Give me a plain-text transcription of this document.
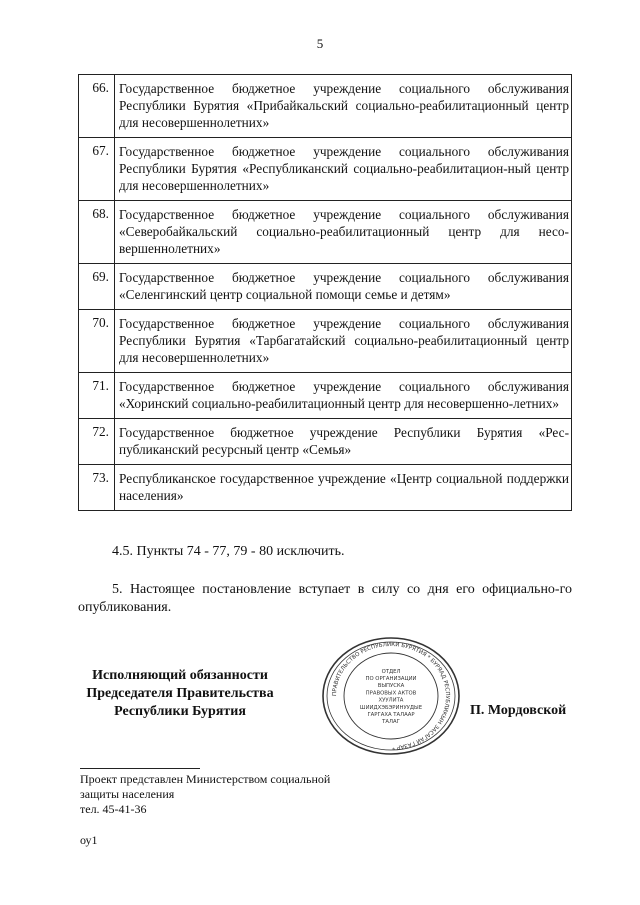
5
66.	Государственное бюджетное учреждение социального обслуживания Республики Бурятия «Прибайкальский социально-реабилитационный центр для несовершеннолетних»
67.	Государственное бюджетное учреждение социального обслуживания Республики Бурятия «Республиканский социально-реабилитацион-ный центр для несовершеннолетних»
68.	Государственное бюджетное учреждение социального обслуживания «Северобайкальский социально-реабилитационный центр для несо-вершеннолетних»
69.	Государственное бюджетное учреждение социального обслуживания «Селенгинский центр социальной помощи семье и детям»
70.	Государственное бюджетное учреждение социального обслуживания Республики Бурятия «Тарбагатайский социально-реабилитационный центр для несовершеннолетних»
71.	Государственное бюджетное учреждение социального обслуживания «Хоринский социально-реабилитационный центр для несовершенно-летних»
72.	Государственное бюджетное учреждение Республики Бурятия «Рес-публиканский ресурсный центр «Семья»
73.	Республиканское государственное учреждение «Центр социальной поддержки населения»
4.5. Пункты 74 - 77, 79 - 80 исключить.
5. Настоящее постановление вступает в силу со дня его официально-го опубликования.
Исполняющий обязанности
Председателя Правительства
Республики Бурятия
ПРАВИТЕЛЬСТВО РЕСПУБЛИКИ БУРЯТИЯ * БУРЯАД РЕСПУБЛИКЫН ЗАСАГАЙ ГАЗАР *
ОТДЕЛ
ПО ОРГАНИЗАЦИИ
ВЫПУСКА
ПРАВОВЫХ АКТОВ
ХУУЛИТА
ШИИДХЭБЭРИНУУДЫЕ
ГАРГАХА ТАЛААР
ТАЛАГ
П. Мордовской
Проект представлен Министерством социальной
защиты населения
тел. 45-41-36
оу1
